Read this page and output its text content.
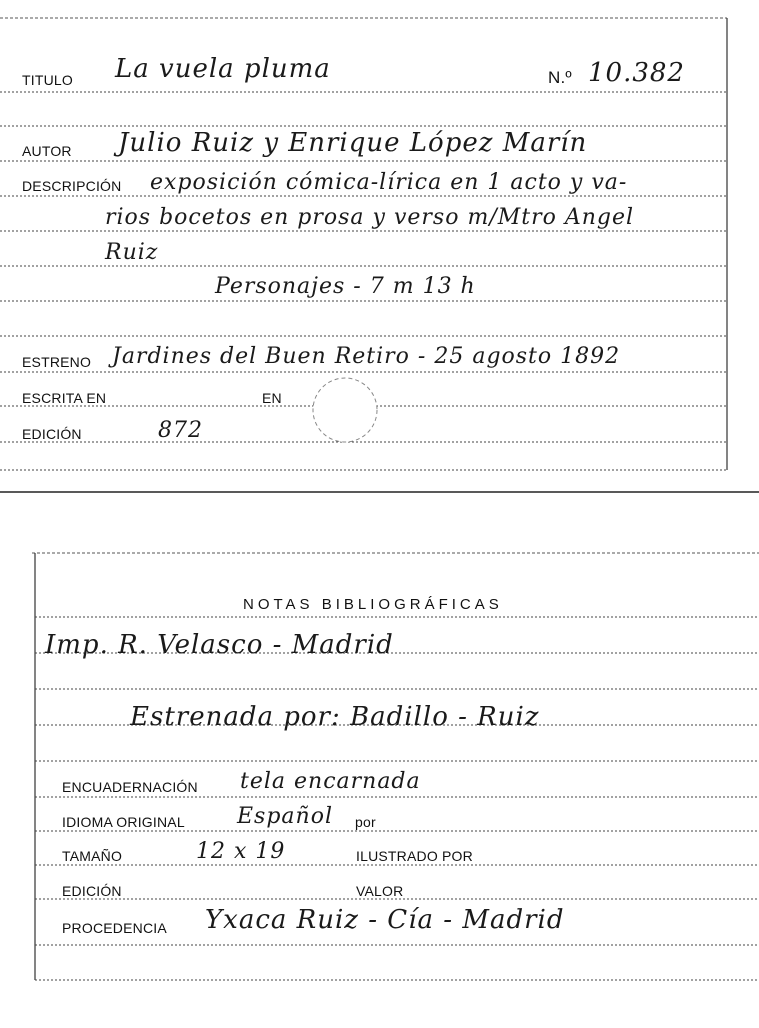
TITULO La vuela pluma	N.º 10.382
AUTOR Julio Ruiz y Enrique López Marín
DESCRIPCIÓN exposición cómica-lírica en 1 acto y va-
rios bocetos en prosa y verso m/Mtro Angel
Ruiz
Personajes - 7 m 13 h
ESTRENO Jardines del Buen Retiro - 25 agosto 1892
ESCRITA EN	EN
EDICIÓN	872
NOTAS BIBLIOGRÁFICAS
Imp. R. Velasco - Madrid
Estrenada por: Badillo - Ruiz
ENCUADERNACIÓN tela encarnada
IDIOMA ORIGINAL Español por
TAMAÑO	12 x 19	ILUSTRADO POR
EDICIÓN	VALOR
PROCEDENCIA Yxaca Ruiz - Cía - Madrid
